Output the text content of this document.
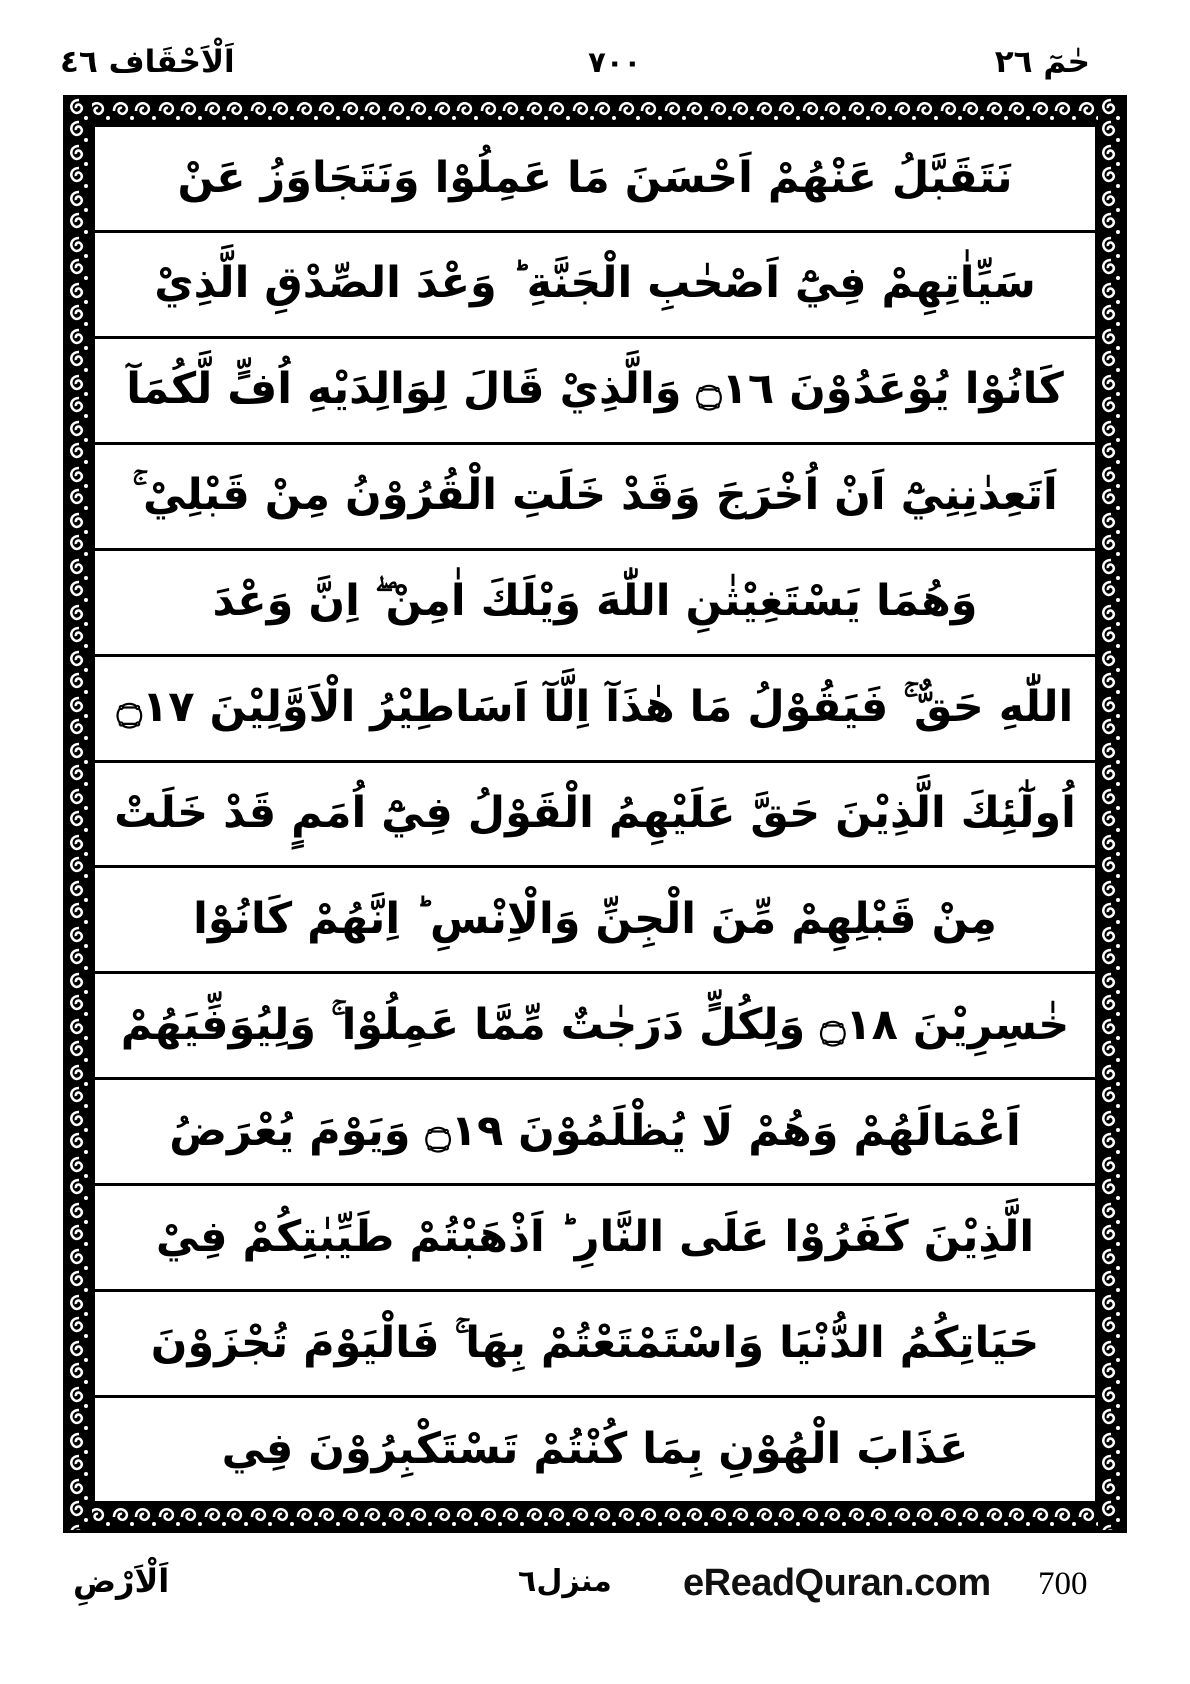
حٰمٓ ٢٦
٧٠٠
اَلْاَحْقَاف ٤٦
نَتَقَبَّلُ عَنْهُمْ اَحْسَنَ مَا عَمِلُوْا وَنَتَجَاوَزُ عَنْ
سَيِّاٰتِهِمْ فِيْٓ اَصْحٰبِ الْجَنَّةِ ؕ وَعْدَ الصِّدْقِ الَّذِيْ
كَانُوْا يُوْعَدُوْنَ ۝١٦ وَالَّذِيْ قَالَ لِوَالِدَيْهِ اُفٍّ لَّكُمَآ
اَتَعِدٰنِنِيْٓ اَنْ اُخْرَجَ وَقَدْ خَلَتِ الْقُرُوْنُ مِنْ قَبْلِيْ ۚ
وَهُمَا يَسْتَغِيْثٰنِ اللّٰهَ وَيْلَكَ اٰمِنْ ۖ اِنَّ وَعْدَ
اللّٰهِ حَقٌّ ۚ فَيَقُوْلُ مَا هٰذَآ اِلَّآ اَسَاطِيْرُ الْاَوَّلِيْنَ ۝١٧
اُولٰٓئِكَ الَّذِيْنَ حَقَّ عَلَيْهِمُ الْقَوْلُ فِيْٓ اُمَمٍ قَدْ خَلَتْ
مِنْ قَبْلِهِمْ مِّنَ الْجِنِّ وَالْاِنْسِ ؕ اِنَّهُمْ كَانُوْا
خٰسِرِيْنَ ۝١٨ وَلِكُلٍّ دَرَجٰتٌ مِّمَّا عَمِلُوْا ۚ وَلِيُوَفِّيَهُمْ
اَعْمَالَهُمْ وَهُمْ لَا يُظْلَمُوْنَ ۝١٩ وَيَوْمَ يُعْرَضُ
الَّذِيْنَ كَفَرُوْا عَلَى النَّارِ ؕ اَذْهَبْتُمْ طَيِّبٰتِكُمْ فِيْ
حَيَاتِكُمُ الدُّنْيَا وَاسْتَمْتَعْتُمْ بِهَا ۚ فَالْيَوْمَ تُجْزَوْنَ
عَذَابَ الْهُوْنِ بِمَا كُنْتُمْ تَسْتَكْبِرُوْنَ فِي
اَلْاَرْضِ	منزل٦ eReadQuran.com 700
